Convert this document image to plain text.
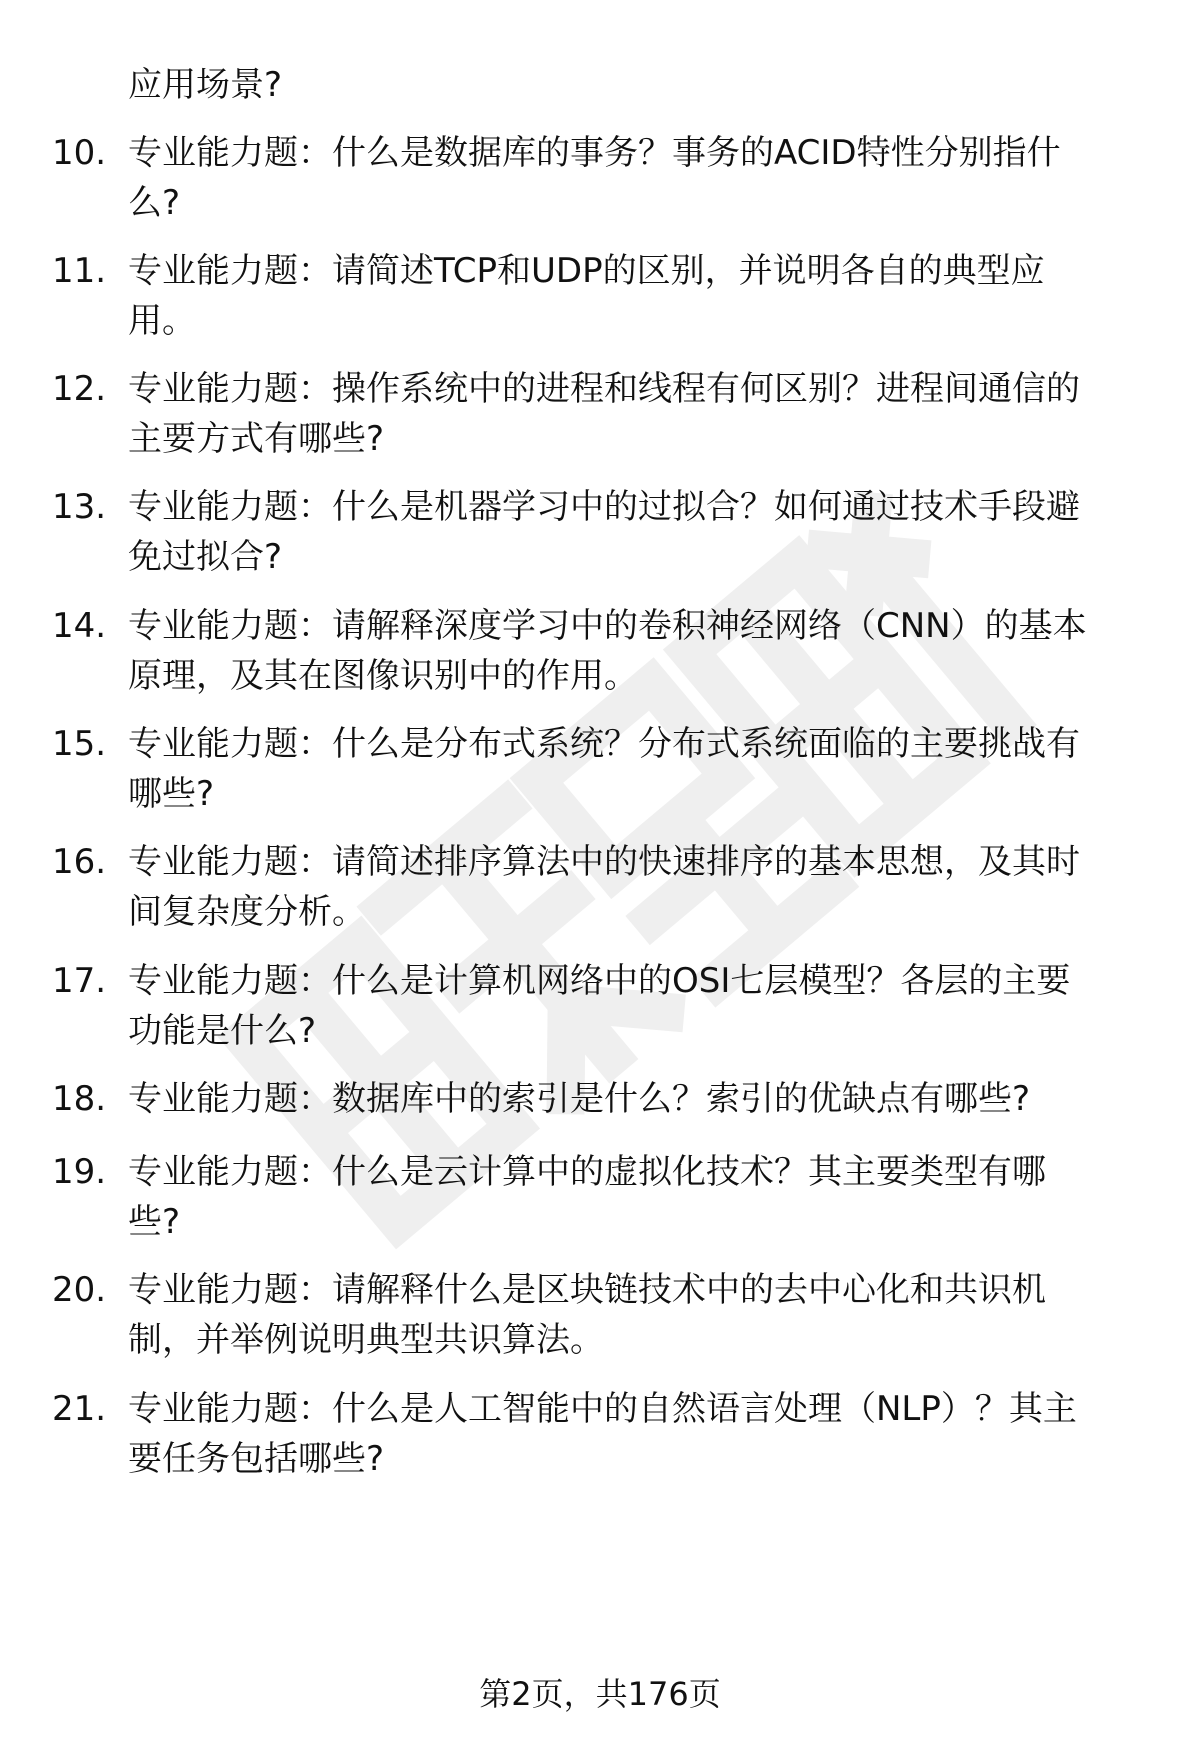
应用场景?

10. 专业能力题：什么是数据库的事务？事务的ACID特性分别指什
么?

11. 专业能力题：请简述TCP和UDP的区别，并说明各自的典型应
用。

12. 专业能力题：操作系统中的进程和线程有何区别？进程间通信的
主要方式有哪些?

13. 专业能力题：什么是机器学习中的过拟合？如何通过技术手段避
免过拟合?

14. 专业能力题：请解释深度学习中的卷积神经网络（CNN）的基本
原理，及其在图像识别中的作用。

15. 专业能力题：什么是分布式系统？分布式系统面临的主要挑战有
哪些?

16. 专业能力题：请简述排序算法中的快速排序的基本思想，及其时
间复杂度分析。

17. 专业能力题：什么是计算机网络中的OSI七层模型？各层的主要
功能是什么?

18. 专业能力题：数据库中的索引是什么？索引的优缺点有哪些?

19. 专业能力题：什么是云计算中的虚拟化技术？其主要类型有哪
些?

20. 专业能力题：请解释什么是区块链技术中的去中心化和共识机
制，并举例说明典型共识算法。

21. 专业能力题：什么是人工智能中的自然语言处理（NLP）？其主
要任务包括哪些?

第2页，共176页
